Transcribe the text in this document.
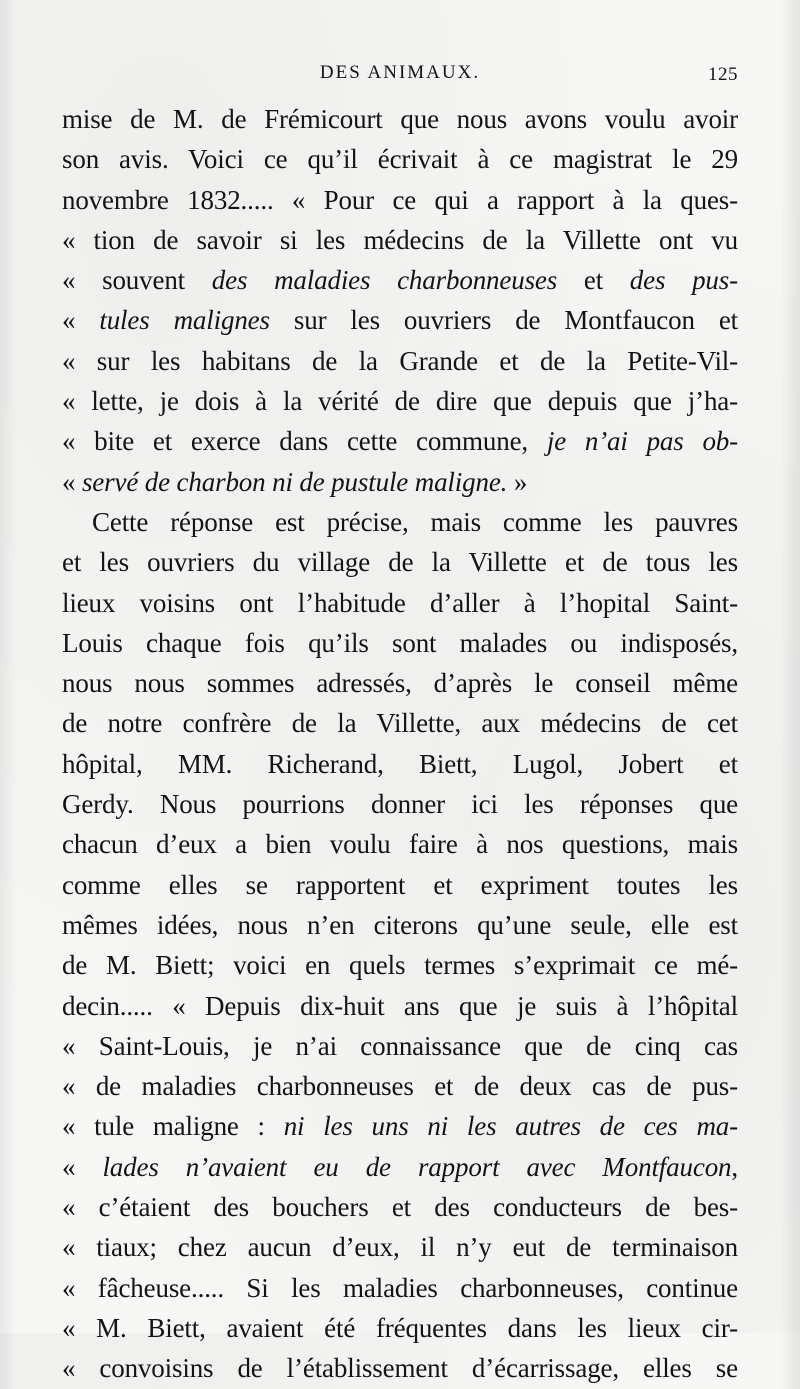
DES ANIMAUX.	125
mise de M. de Frémicourt que nous avons voulu avoir
son avis. Voici ce qu’il écrivait à ce magistrat le 29
novembre 1832..... « Pour ce qui a rapport à la ques-
« tion de savoir si les médecins de la Villette ont vu
« souvent des maladies charbonneuses et des pus-
« tules malignes sur les ouvriers de Montfaucon et
« sur les habitans de la Grande et de la Petite-Vil-
« lette, je dois à la vérité de dire que depuis que j’ha-
« bite et exerce dans cette commune, je n’ai pas ob-
« servé de charbon ni de pustule maligne. »
Cette réponse est précise, mais comme les pauvres
et les ouvriers du village de la Villette et de tous les
lieux voisins ont l’habitude d’aller à l’hopital Saint-
Louis chaque fois qu’ils sont malades ou indisposés,
nous nous sommes adressés, d’après le conseil même
de notre confrère de la Villette, aux médecins de cet
hôpital, MM. Richerand, Biett, Lugol, Jobert et
Gerdy. Nous pourrions donner ici les réponses que
chacun d’eux a bien voulu faire à nos questions, mais
comme elles se rapportent et expriment toutes les
mêmes idées, nous n’en citerons qu’une seule, elle est
de M. Biett; voici en quels termes s’exprimait ce mé-
decin..... « Depuis dix-huit ans que je suis à l’hôpital
« Saint-Louis, je n’ai connaissance que de cinq cas
« de maladies charbonneuses et de deux cas de pus-
« tule maligne : ni les uns ni les autres de ces ma-
« lades n’avaient eu de rapport avec Montfaucon,
« c’étaient des bouchers et des conducteurs de bes-
« tiaux; chez aucun d’eux, il n’y eut de terminaison
« fâcheuse..... Si les maladies charbonneuses, continue
« M. Biett, avaient été fréquentes dans les lieux cir-
« convoisins de l’établissement d’écarrissage, elles se
